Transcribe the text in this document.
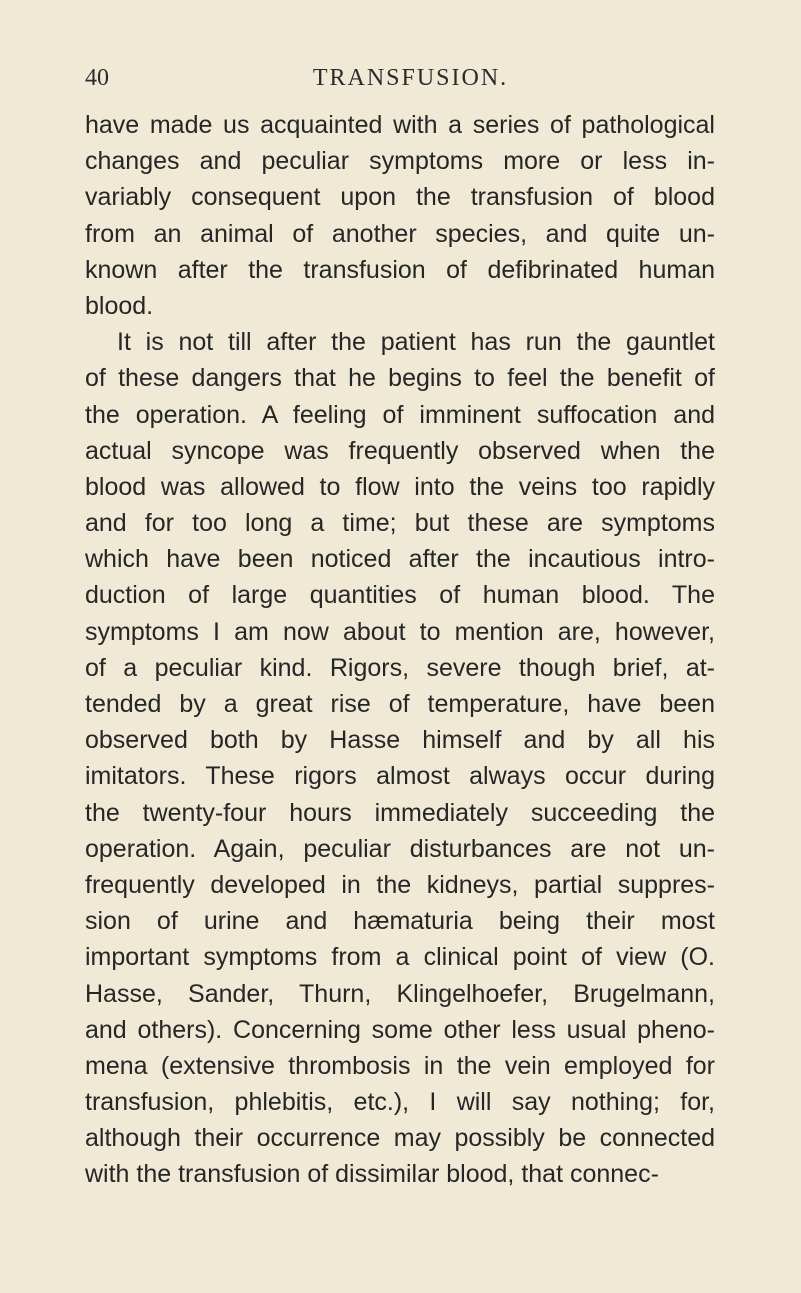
40	TRANSFUSION.
have made us acquainted with a series of pathological
changes and peculiar symptoms more or less in-
variably consequent upon the transfusion of blood
from an animal of another species, and quite un-
known after the transfusion of defibrinated human
blood.
It is not till after the patient has run the gauntlet
of these dangers that he begins to feel the benefit of
the operation. A feeling of imminent suffocation and
actual syncope was frequently observed when the
blood was allowed to flow into the veins too rapidly
and for too long a time; but these are symptoms
which have been noticed after the incautious intro-
duction of large quantities of human blood. The
symptoms I am now about to mention are, however,
of a peculiar kind. Rigors, severe though brief, at-
tended by a great rise of temperature, have been
observed both by Hasse himself and by all his
imitators. These rigors almost always occur during
the twenty-four hours immediately succeeding the
operation. Again, peculiar disturbances are not un-
frequently developed in the kidneys, partial suppres-
sion of urine and hæmaturia being their most
important symptoms from a clinical point of view (O.
Hasse, Sander, Thurn, Klingelhoefer, Brugelmann,
and others). Concerning some other less usual pheno-
mena (extensive thrombosis in the vein employed for
transfusion, phlebitis, etc.), I will say nothing; for,
although their occurrence may possibly be connected
with the transfusion of dissimilar blood, that connec-
